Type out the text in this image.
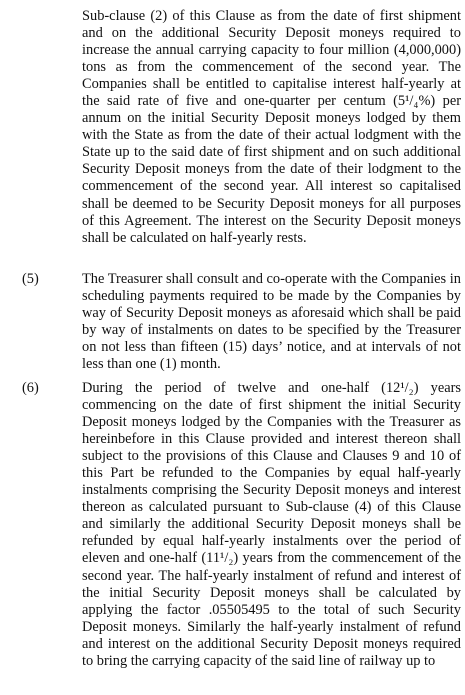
Sub-clause (2) of this Clause as from the date of first shipment and on the additional Security Deposit moneys required to increase the annual carrying capacity to four million (4,000,000) tons as from the commencement of the second year. The Companies shall be entitled to capitalise interest half-yearly at the said rate of five and one-quarter per centum (5¹/₄%) per annum on the initial Security Deposit moneys lodged by them with the State as from the date of their actual lodgment with the State up to the said date of first shipment and on such additional Security Deposit moneys from the date of their lodgment to the commencement of the second year. All interest so capitalised shall be deemed to be Security Deposit moneys for all purposes of this Agreement. The interest on the Security Deposit moneys shall be calculated on half-yearly rests.

(5)	The Treasurer shall consult and co-operate with the Companies in scheduling payments required to be made by the Companies by way of Security Deposit moneys as aforesaid which shall be paid by way of instalments on dates to be specified by the Treasurer on not less than fifteen (15) days’ notice, and at intervals of not less than one (1) month.

(6)	During the period of twelve and one-half (12¹/₂) years commencing on the date of first shipment the initial Security Deposit moneys lodged by the Companies with the Treasurer as hereinbefore in this Clause provided and interest thereon shall subject to the provisions of this Clause and Clauses 9 and 10 of this Part be refunded to the Companies by equal half-yearly instalments comprising the Security Deposit moneys and interest thereon as calculated pursuant to Sub-clause (4) of this Clause and similarly the additional Security Deposit moneys shall be refunded by equal half-yearly instalments over the period of eleven and one-half (11¹/₂) years from the commencement of the second year. The half-yearly instalment of refund and interest of the initial Security Deposit moneys shall be calculated by applying the factor .05505495 to the total of such Security Deposit moneys. Similarly the half-yearly instalment of refund and interest on the additional Security Deposit moneys required to bring the carrying capacity of the said line of railway up to
